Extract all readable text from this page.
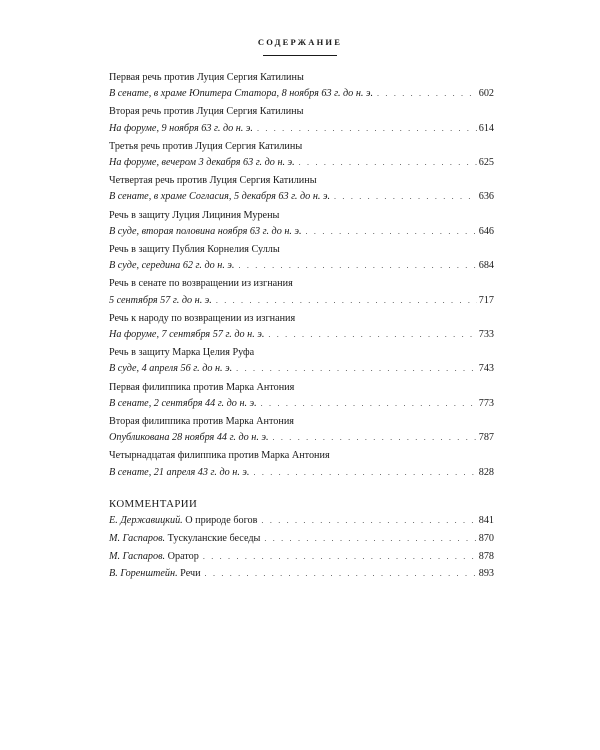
СОДЕРЖАНИЕ
Первая речь против Луция Сергия Катилины
В сенате, в храме Юпитера Статора, 8 ноября 63 г. до н. э. . . .	602
Вторая речь против Луция Сергия Катилины
На форуме, 9 ноября 63 г. до н. э. . . .	614
Третья речь против Луция Сергия Катилины
На форуме, вечером 3 декабря 63 г. до н. э. . . .	625
Четвертая речь против Луция Сергия Катилины
В сенате, в храме Согласия, 5 декабря 63 г. до н. э. . . .	636
Речь в защиту Луция Лициния Мурены
В суде, вторая половина ноября 63 г. до н. э. . . .	646
Речь в защиту Публия Корнелия Суллы
В суде, середина 62 г. до н. э. . . .	684
Речь в сенате по возвращении из изгнания
5 сентября 57 г. до н. э. . . .	717
Речь к народу по возвращении из изгнания
На форуме, 7 сентября 57 г. до н. э. . . .	733
Речь в защиту Марка Целия Руфа
В суде, 4 апреля 56 г. до н. э. . . .	743
Первая филиппика против Марка Антония
В сенате, 2 сентября 44 г. до н. э. . . .	773
Вторая филиппика против Марка Антония
Опубликована 28 ноября 44 г. до н. э. . . .	787
Четырнадцатая филиппика против Марка Антония
В сенате, 21 апреля 43 г. до н. э. . . .	828
КОММЕНТАРИИ
Е. Державицкий. О природе богов . . .	841
М. Гаспаров. Тускуланские беседы . . .	870
М. Гаспаров. Оратор . . .	878
В. Горенштейн. Речи . . .	893
